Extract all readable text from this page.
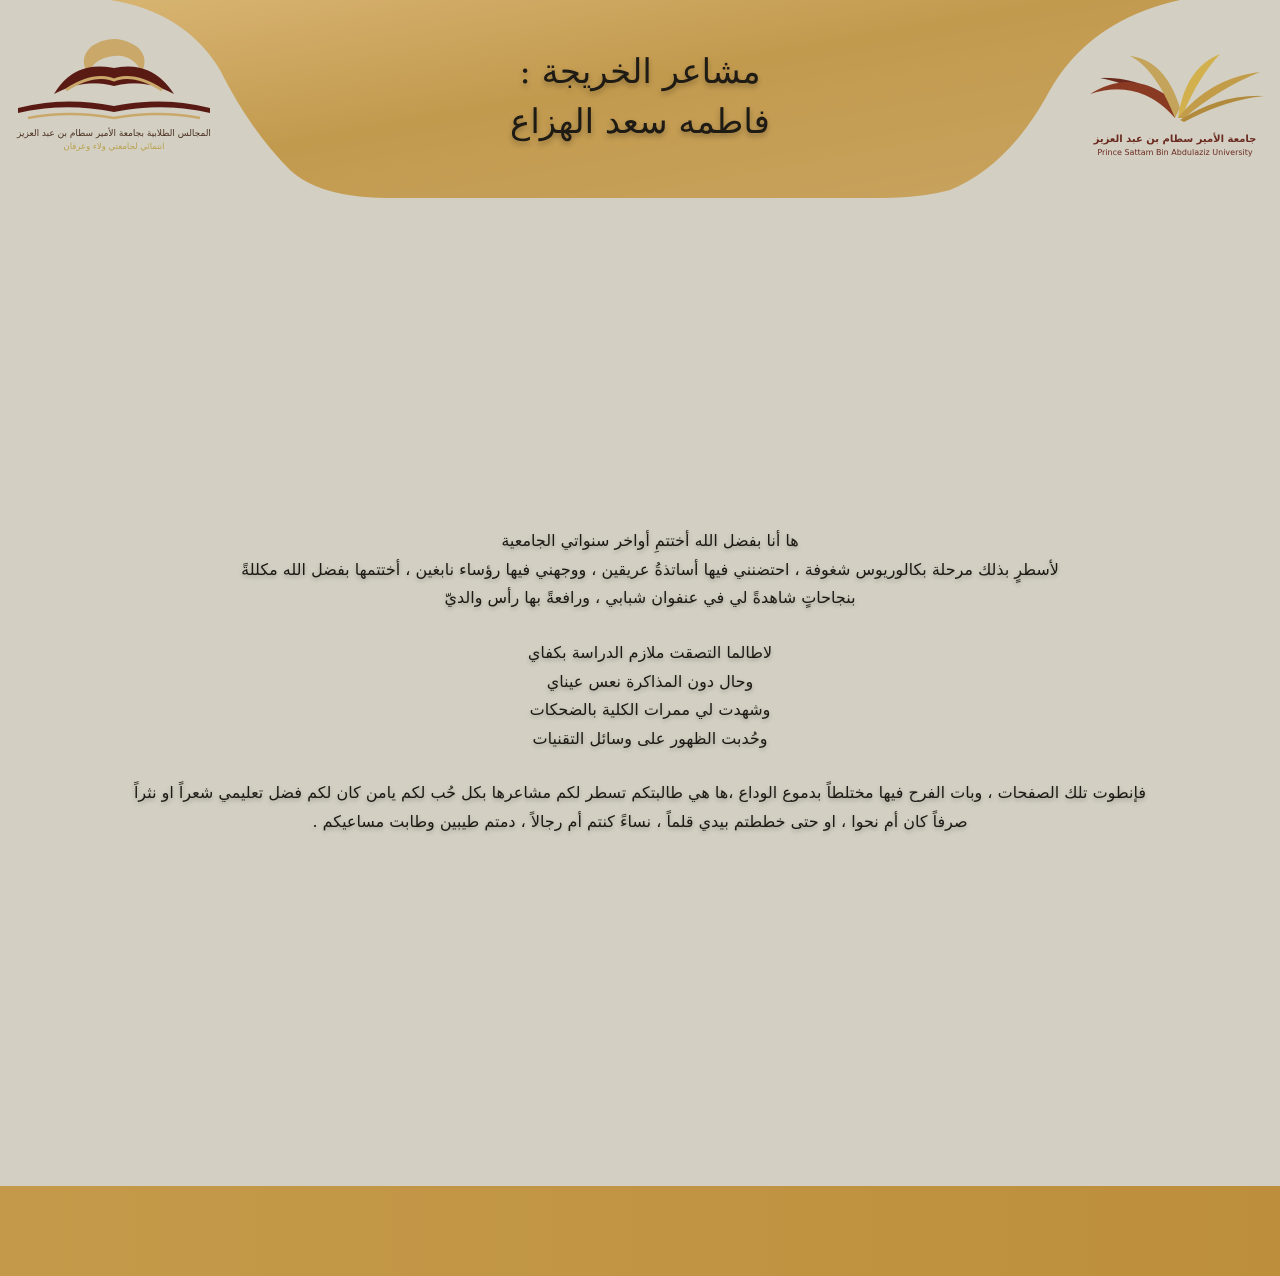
مشاعر الخريجة :
فاطمه سعد الهزاع
المجالس الطلابية بجامعة الأمير سطام بن عبد العزيز
انتمائي لجامعتي ولاء وعرفان
جامعة الأمير سطام بن عبد العزيز
Prince Sattam Bin Abdulaziz University
ها أنا بفضل الله أختتمِ أواخر سنواتي الجامعية
لأسطرٍ بذلك مرحلة بكالوريوس شغوفة ، احتضنني فيها أساتذةُ عريقين ، ووجهني فيها رؤساء نابغين ، أختتمها بفضل الله مكللةً
بنجاحاتٍ شاهدةً لي في عنفوان شبابي ، ورافعةً بها رأس والديّ
لاطالما التصقت ملازم الدراسة بكفاي
وحال دون المذاكرة نعس عيناي
وشهدت لي ممرات الكلية بالضحكات
وحُدبت الظهور على وسائل التقنيات
فإنطوت تلك الصفحات ، وبات الفرح فيها مختلطاً بدموع الوداع ،ها هي طالبتكم تسطر لكم مشاعرها بكل حُب لكم يامن كان لكم فضل تعليمي شعراً او نثراً
صرفاً كان أم نحوا ، او حتى خططتم بيدي قلماً ، نساءً كنتم أم رجالاً ، دمتم طيبين وطابت مساعيكم .
